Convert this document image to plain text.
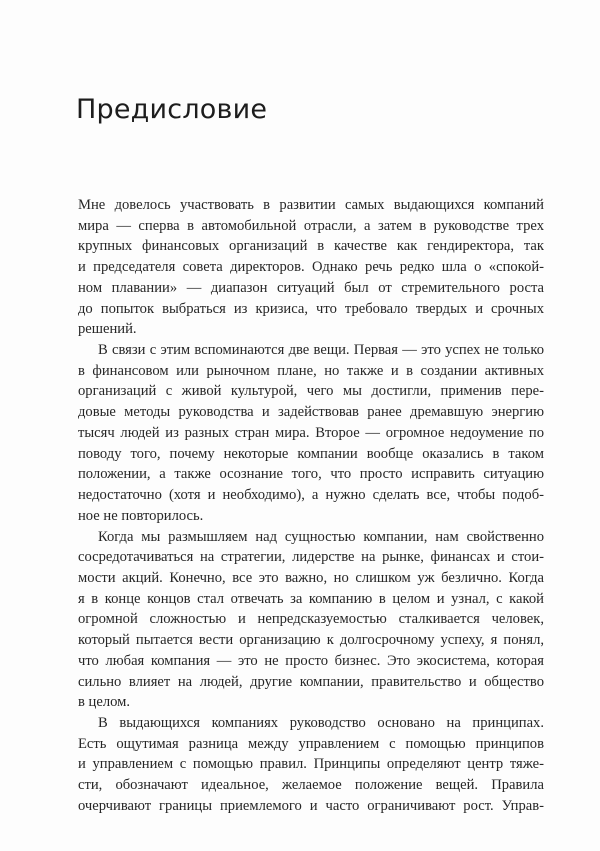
Предисловие
Мне довелось участвовать в развитии самых выдающихся компаний
мира — сперва в автомобильной отрасли, а затем в руководстве трех
крупных финансовых организаций в качестве как гендиректора, так
и председателя совета директоров. Однако речь редко шла о «спокой-
ном плавании» — диапазон ситуаций был от стремительного роста
до попыток выбраться из кризиса, что требовало твердых и срочных
решений.
В связи с этим вспоминаются две вещи. Первая — это успех не только
в финансовом или рыночном плане, но также и в создании активных
организаций с живой культурой, чего мы достигли, применив пере-
довые методы руководства и задействовав ранее дремавшую энергию
тысяч людей из разных стран мира. Второе — огромное недоумение по
поводу того, почему некоторые компании вообще оказались в таком
положении, а также осознание того, что просто исправить ситуацию
недостаточно (хотя и необходимо), а нужно сделать все, чтобы подоб-
ное не повторилось.
Когда мы размышляем над сущностью компании, нам свойственно
сосредотачиваться на стратегии, лидерстве на рынке, финансах и стои-
мости акций. Конечно, все это важно, но слишком уж безлично. Когда
я в конце концов стал отвечать за компанию в целом и узнал, с какой
огромной сложностью и непредсказуемостью сталкивается человек,
который пытается вести организацию к долгосрочному успеху, я понял,
что любая компания — это не просто бизнес. Это экосистема, которая
сильно влияет на людей, другие компании, правительство и общество
в целом.
В выдающихся компаниях руководство основано на принципах.
Есть ощутимая разница между управлением с помощью принципов
и управлением с помощью правил. Принципы определяют центр тяже-
сти, обозначают идеальное, желаемое положение вещей. Правила
очерчивают границы приемлемого и часто ограничивают рост. Управ-
